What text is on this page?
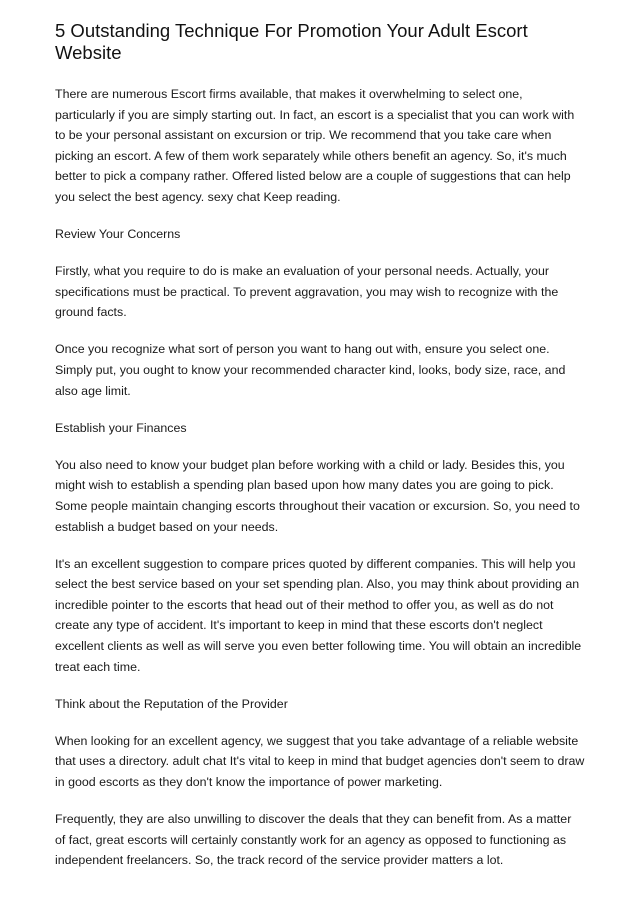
5 Outstanding Technique For Promotion Your Adult Escort Website

There are numerous Escort firms available, that makes it overwhelming to select one, particularly if you are simply starting out. In fact, an escort is a specialist that you can work with to be your personal assistant on excursion or trip. We recommend that you take care when picking an escort. A few of them work separately while others benefit an agency. So, it's much better to pick a company rather. Offered listed below are a couple of suggestions that can help you select the best agency. sexy chat Keep reading.

Review Your Concerns

Firstly, what you require to do is make an evaluation of your personal needs. Actually, your specifications must be practical. To prevent aggravation, you may wish to recognize with the ground facts.

Once you recognize what sort of person you want to hang out with, ensure you select one. Simply put, you ought to know your recommended character kind, looks, body size, race, and also age limit.

Establish your Finances

You also need to know your budget plan before working with a child or lady. Besides this, you might wish to establish a spending plan based upon how many dates you are going to pick. Some people maintain changing escorts throughout their vacation or excursion. So, you need to establish a budget based on your needs.

It's an excellent suggestion to compare prices quoted by different companies. This will help you select the best service based on your set spending plan. Also, you may think about providing an incredible pointer to the escorts that head out of their method to offer you, as well as do not create any type of accident. It's important to keep in mind that these escorts don't neglect excellent clients as well as will serve you even better following time. You will obtain an incredible treat each time.

Think about the Reputation of the Provider

When looking for an excellent agency, we suggest that you take advantage of a reliable website that uses a directory. adult chat It's vital to keep in mind that budget agencies don't seem to draw in good escorts as they don't know the importance of power marketing.

Frequently, they are also unwilling to discover the deals that they can benefit from. As a matter of fact, great escorts will certainly constantly work for an agency as opposed to functioning as independent freelancers. So, the track record of the service provider matters a lot.
